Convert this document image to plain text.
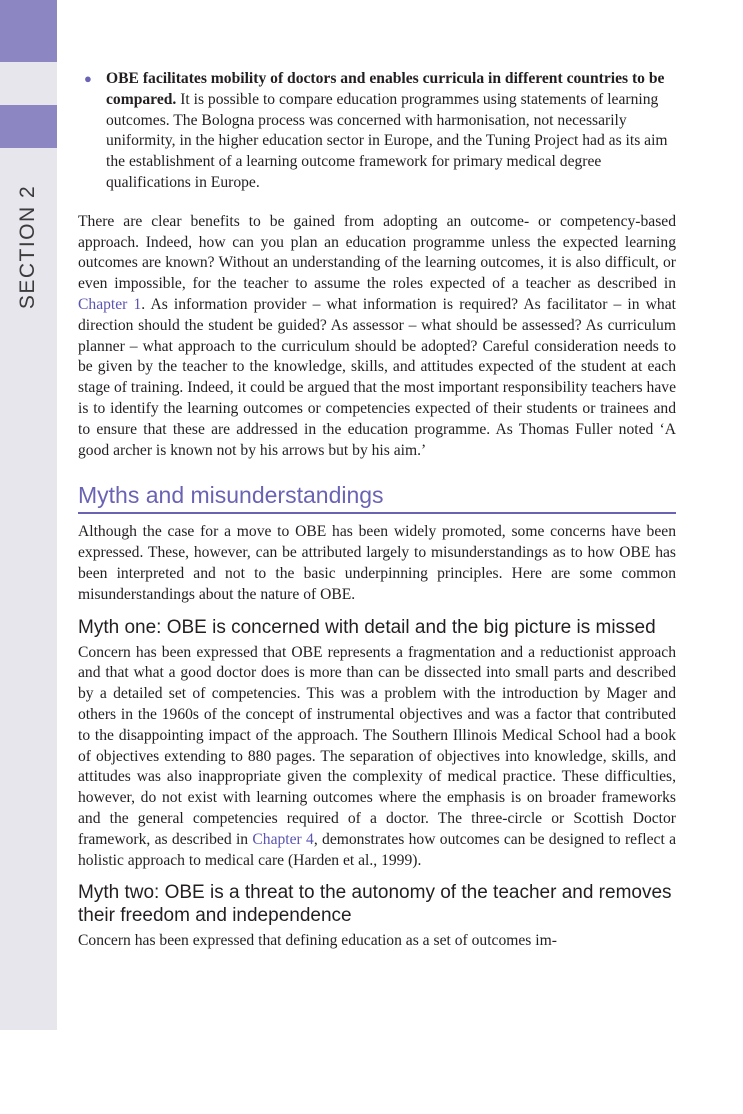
SECTION 2

● OBE facilitates mobility of doctors and enables curricula in different countries to be compared. It is possible to compare education programmes using statements of learning outcomes. The Bologna process was concerned with harmonisation, not necessarily uniformity, in the higher education sector in Europe, and the Tuning Project had as its aim the establishment of a learning outcome framework for primary medical degree qualifications in Europe.

There are clear benefits to be gained from adopting an outcome- or competency-based approach. Indeed, how can you plan an education programme unless the expected learning outcomes are known? Without an understanding of the learning outcomes, it is also difficult, or even impossible, for the teacher to assume the roles expected of a teacher as described in Chapter 1. As information provider – what information is required? As facilitator – in what direction should the student be guided? As assessor – what should be assessed? As curriculum planner – what approach to the curriculum should be adopted? Careful consideration needs to be given by the teacher to the knowledge, skills, and attitudes expected of the student at each stage of training. Indeed, it could be argued that the most important responsibility teachers have is to identify the learning outcomes or competencies expected of their students or trainees and to ensure that these are addressed in the education programme. As Thomas Fuller noted ‘A good archer is known not by his arrows but by his aim.’

Myths and misunderstandings

Although the case for a move to OBE has been widely promoted, some concerns have been expressed. These, however, can be attributed largely to misunderstandings as to how OBE has been interpreted and not to the basic underpinning principles. Here are some common misunderstandings about the nature of OBE.

Myth one: OBE is concerned with detail and the big picture is missed

Concern has been expressed that OBE represents a fragmentation and a reductionist approach and that what a good doctor does is more than can be dissected into small parts and described by a detailed set of competencies. This was a problem with the introduction by Mager and others in the 1960s of the concept of instrumental objectives and was a factor that contributed to the disappointing impact of the approach. The Southern Illinois Medical School had a book of objectives extending to 880 pages. The separation of objectives into knowledge, skills, and attitudes was also inappropriate given the complexity of medical practice. These difficulties, however, do not exist with learning outcomes where the emphasis is on broader frameworks and the general competencies required of a doctor. The three-circle or Scottish Doctor framework, as described in Chapter 4, demonstrates how outcomes can be designed to reflect a holistic approach to medical care (Harden et al., 1999).

Myth two: OBE is a threat to the autonomy of the teacher and removes their freedom and independence

Concern has been expressed that defining education as a set of outcomes im-
